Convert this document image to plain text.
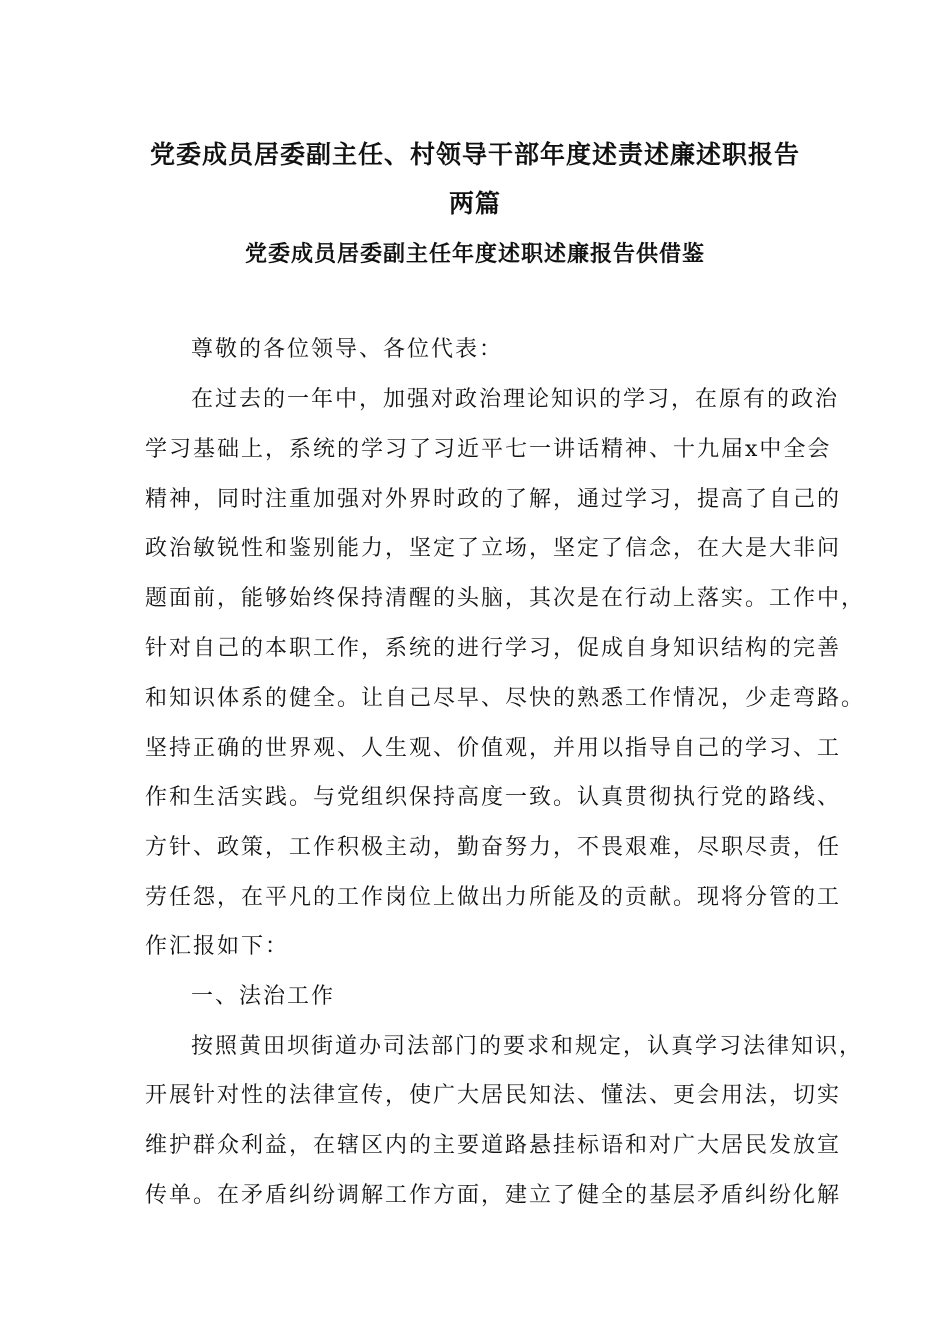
党委成员居委副主任、村领导干部年度述责述廉述职报告
两篇
党委成员居委副主任年度述职述廉报告供借鉴
尊敬的各位领导、各位代表：
在过去的一年中，加强对政治理论知识的学习，在原有的政治
学习基础上，系统的学习了习近平七一讲话精神、十九届x中全会
精神，同时注重加强对外界时政的了解，通过学习，提高了自己的
政治敏锐性和鉴别能力，坚定了立场，坚定了信念，在大是大非问
题面前，能够始终保持清醒的头脑，其次是在行动上落实。工作中，
针对自己的本职工作，系统的进行学习，促成自身知识结构的完善
和知识体系的健全。让自己尽早、尽快的熟悉工作情况，少走弯路。
坚持正确的世界观、人生观、价值观，并用以指导自己的学习、工
作和生活实践。与党组织保持高度一致。认真贯彻执行党的路线、
方针、政策，工作积极主动，勤奋努力，不畏艰难，尽职尽责，任
劳任怨，在平凡的工作岗位上做出力所能及的贡献。现将分管的工
作汇报如下：
一、法治工作
按照黄田坝街道办司法部门的要求和规定，认真学习法律知识，
开展针对性的法律宣传，使广大居民知法、懂法、更会用法，切实
维护群众利益，在辖区内的主要道路悬挂标语和对广大居民发放宣
传单。在矛盾纠纷调解工作方面，建立了健全的基层矛盾纠纷化解
